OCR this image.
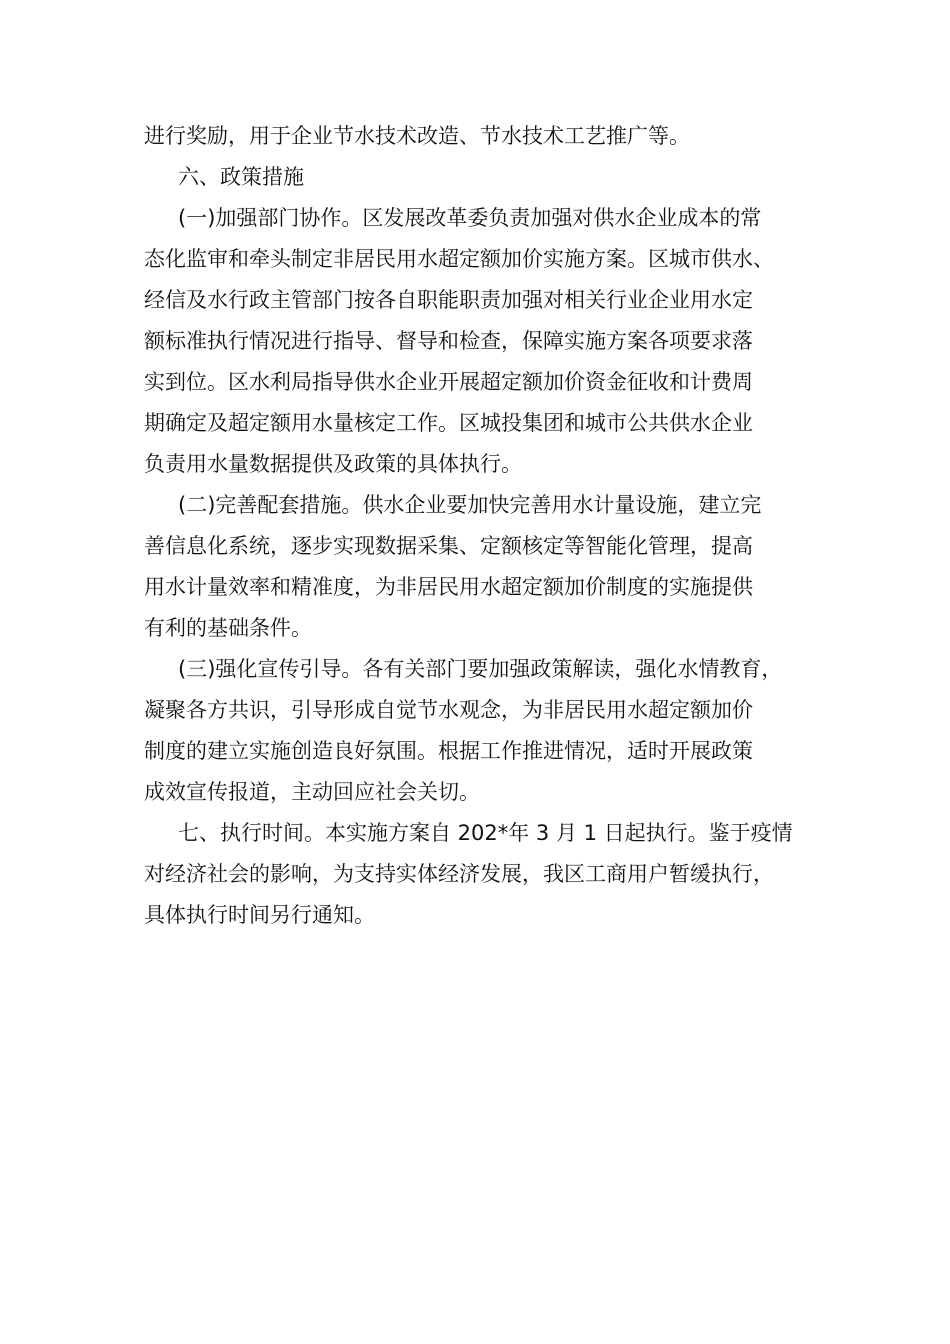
进行奖励，用于企业节水技术改造、节水技术工艺推广等。

六、政策措施

(一)加强部门协作。区发展改革委负责加强对供水企业成本的常
态化监审和牵头制定非居民用水超定额加价实施方案。区城市供水、
经信及水行政主管部门按各自职能职责加强对相关行业企业用水定
额标准执行情况进行指导、督导和检查，保障实施方案各项要求落
实到位。区水利局指导供水企业开展超定额加价资金征收和计费周
期确定及超定额用水量核定工作。区城投集团和城市公共供水企业
负责用水量数据提供及政策的具体执行。

(二)完善配套措施。供水企业要加快完善用水计量设施，建立完
善信息化系统，逐步实现数据采集、定额核定等智能化管理，提高
用水计量效率和精准度，为非居民用水超定额加价制度的实施提供
有利的基础条件。

(三)强化宣传引导。各有关部门要加强政策解读，强化水情教育，
凝聚各方共识，引导形成自觉节水观念，为非居民用水超定额加价
制度的建立实施创造良好氛围。根据工作推进情况，适时开展政策
成效宣传报道，主动回应社会关切。

七、执行时间。本实施方案自 202*年 3 月 1 日起执行。鉴于疫情
对经济社会的影响，为支持实体经济发展，我区工商用户暂缓执行，
具体执行时间另行通知。
